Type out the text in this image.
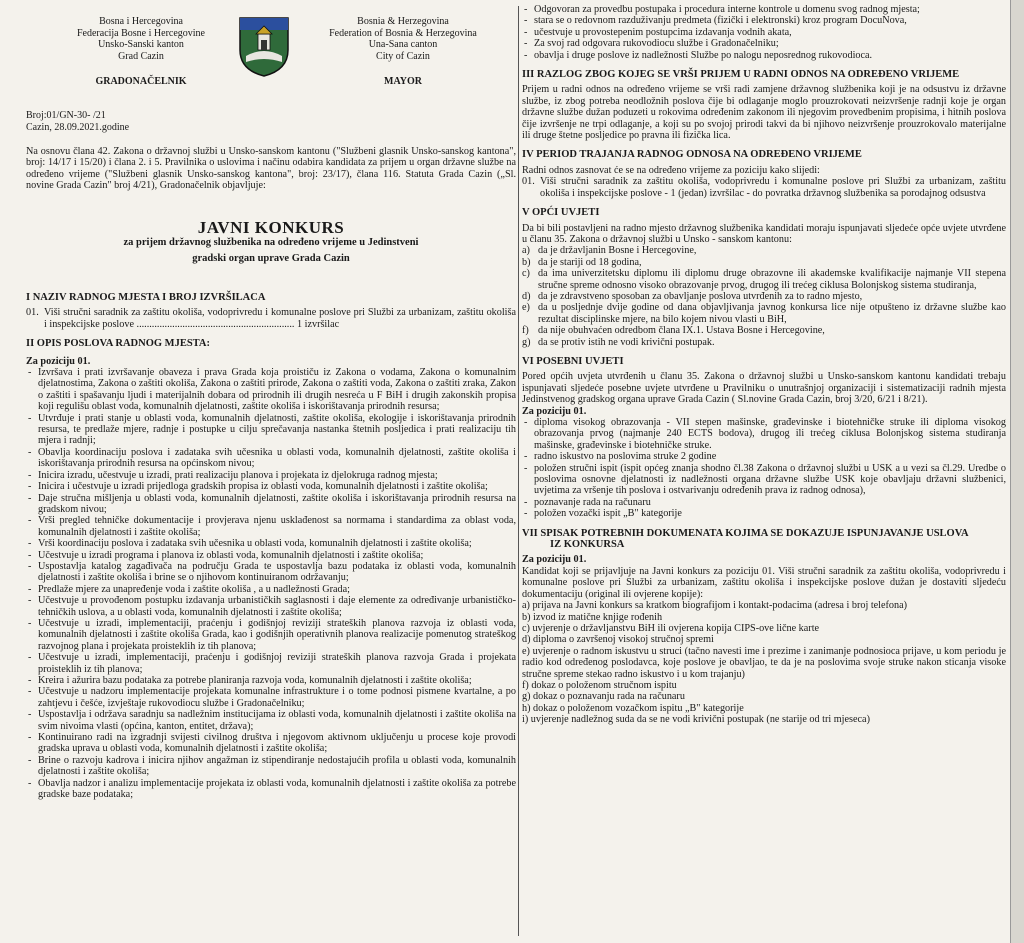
Bosna i Hercegovina
Federacija Bosne i Hercegovine
Unsko-Sanski kanton
Grad Cazin
GRADONAČELNIK
Bosnia & Herzegovina
Federation of Bosnia & Herzegovina
Una-Sana canton
City of Cazin
MAYOR
Broj:01/GN-30- /21
Cazin, 28.09.2021.godine
Na osnovu člana 42. Zakona o državnoj službi u Unsko-sanskom kantonu ("Službeni glasnik Unsko-sanskog kantona", broj: 14/17 i 15/20) i člana 2. i 5. Pravilnika o uslovima i načinu odabira kandidata za prijem u organ državne službe na određeno vrijeme ("Službeni glasnik Unsko-sanskog kantona", broj: 23/17), člana 116. Statuta Grada Cazin („Sl. novine Grada Cazin" broj 4/21), Gradonačelnik objavljuje:
JAVNI KONKURS
za prijem državnog službenika na određeno vrijeme u Jedinstveni
gradski organ uprave Grada Cazin

I NAZIV RADNOG MJESTA I BROJ IZVRŠILACA

01. Viši stručni saradnik za zaštitu okoliša, vodoprivredu i komunalne poslove pri Službi za urbanizam, zaštitu okoliša i inspekcijske poslove .............................................................. 1 izvršilac

II OPIS POSLOVA RADNOG MJESTA:

Za poziciju 01.

- Izvršava i prati izvršavanje obaveza i prava Grada koja proističu iz Zakona o vodama, Zakona o komunalnim djelatnostima, Zakona o zaštiti okoliša, Zakona o zaštiti prirode, Zakona o zaštiti voda, Zakona o zaštiti zraka, Zakon o zaštiti i spašavanju ljudi i materijalnih dobara od prirodnih ili drugih nesreća u F BiH i drugih zakonskih propisa koji regulišu oblast voda, komunalnih djelatnosti, zaštite okoliša i iskorištavanja prirodnih resursa;
- Utvrđuje i prati stanje u oblasti voda, komunalnih djelatnosti, zaštite okoliša, ekologije i iskorištavanja prirodnih resursa, te predlaže mjere, radnje i postupke u cilju sprečavanja nastanka štetnih posljedica i prati realizaciju tih mjera i radnji;
- Obavlja koordinaciju poslova i zadataka svih učesnika u oblasti voda, komunalnih djelatnosti, zaštite okoliša i iskorištavanja prirodnih resursa na općinskom nivou;
- Inicira izradu, učestvuje u izradi, prati realizaciju planova i projekata iz djelokruga radnog mjesta;
- Inicira i učestvuje u izradi prijedloga gradskih propisa iz oblasti voda, komunalnih djelatnosti i zaštite okoliša;
- Daje stručna mišljenja u oblasti voda, komunalnih djelatnosti, zaštite okoliša i iskorištavanja prirodnih resursa na gradskom nivou;
- Vrši pregled tehničke dokumentacije i provjerava njenu usklađenost sa normama i standardima za oblast voda, komunalnih djelatnosti i zaštite okoliša;
- Vrši koordinaciju poslova i zadataka svih učesnika u oblasti voda, komunalnih djelatnosti i zaštite okoliša;
- Učestvuje u izradi programa i planova iz oblasti voda, komunalnih djelatnosti i zaštite okoliša;
- Uspostavlja katalog zagađivača na području Grada te uspostavlja bazu podataka iz oblasti voda, komunalnih djelatnosti i zaštite okoliša i brine se o njihovom kontinuiranom održavanju;
- Predlaže mjere za unapređenje voda i zaštite okoliša , a u nadležnosti Grada;
- Učestvuje u provođenom postupku izdavanja urbanističkih saglasnosti i daje elemente za određivanje urbanističko-tehničkih uslova, a u oblasti voda, komunalnih djelatnosti i zaštite okoliša;
- Učestvuje u izradi, implementaciji, praćenju i godišnjoj reviziji strateških planova razvoja iz oblasti voda, komunalnih djelatnosti i zaštite okoliša Grada, kao i godišnjih operativnih planova realizacije pomenutog strateškog razvojnog plana i projekata proisteklih iz tih planova;
- Učestvuje u izradi, implementaciji, praćenju i godišnjoj reviziji strateških planova razvoja Grada i projekata proisteklih iz tih planova;
- Kreira i ažurira bazu podataka za potrebe planiranja razvoja voda, komunalnih djelatnosti i zaštite okoliša;
- Učestvuje u nadzoru implementacije projekata komunalne infrastrukture i o tome podnosi pismene kvartalne, a po zahtjevu i češće, izvještaje rukovodiocu službe i Gradonačelniku;
- Uspostavlja i održava saradnju sa nadležnim institucijama iz oblasti voda, komunalnih djelatnosti i zaštite okoliša na svim nivoima vlasti (općina, kanton, entitet, država);
- Kontinuirano radi na izgradnji svijesti civilnog društva i njegovom aktivnom uključenju u procese koje provodi gradska uprava u oblasti voda, komunalnih djelatnosti i zaštite okoliša;
- Brine o razvoju kadrova i inicira njihov angažman iz stipendiranje nedostajućih profila u oblasti voda, komunalnih djelatnosti i zaštite okoliša;
- Obavlja nadzor i analizu implementacije projekata iz oblasti voda, komunalnih djelatnosti i zaštite okoliša za potrebe gradske baze podataka;
- Odgovoran za provedbu postupaka i procedura interne kontrole u domenu svog radnog mjesta;
- stara se o redovnom razduživanju predmeta (fizički i elektronski) kroz program DocuNova,
- učestvuje u provostepenim postupcima izdavanja vodnih akata,
- Za svoj rad odgovara rukovodiocu službe i Gradonačelniku;
- obavlja i druge poslove iz nadležnosti Službe po nalogu neposrednog rukovodioca.

III RAZLOG ZBOG KOJEG SE VRŠI PRIJEM U RADNI ODNOS NA ODREĐENO VRIJEME

Prijem u radni odnos na određeno vrijeme se vrši radi zamjene državnog službenika koji je na odsustvu iz državne službe, iz zbog potreba neodložnih poslova čije bi odlaganje moglo prouzrokovati neizvršenje radnji koje je organ državne službe dužan poduzeti u rokovima određenim zakonom ili njegovim provedbenim propisima, i hitnih poslova čije izvršenje ne trpi odlaganje, a koji su po svojoj prirodi takvi da bi njihovo neizvršenje prouzrokovalo materijalne ili druge štetne posljedice po pravna ili fizička lica.

IV PERIOD TRAJANJA RADNOG ODNOSA NA ODREĐENO VRIJEME

Radni odnos zasnovat će se na određeno vrijeme za poziciju kako slijedi:

01. Viši stručni saradnik za zaštitu okoliša, vodoprivredu i komunalne poslove pri Službi za urbanizam, zaštitu okoliša i inspekcijske poslove - 1 (jedan) izvršilac - do povratka državnog službenika sa porodajnog odsustva

V OPĆI UVJETI

Da bi bili postavljeni na radno mjesto državnog službenika kandidati moraju ispunjavati sljedeće opće uvjete utvrđene u članu 35. Zakona o državnoj službi u Unsko - sanskom kantonu:

a) da je državljanin Bosne i Hercegovine,
b) da je stariji od 18 godina,
c) da ima univerzitetsku diplomu ili diplomu druge obrazovne ili akademske kvalifikacije najmanje VII stepena stručne spreme odnosno visoko obrazovanje prvog, drugog ili trećeg ciklusa Bolonjskog sistema studiranja,
d) da je zdravstveno sposoban za obavljanje poslova utvrđenih za to radno mjesto,
e) da u posljednje dvije godine od dana objavljivanja javnog konkursa lice nije otpušteno iz državne službe kao rezultat disciplinske mjere, na bilo kojem nivou vlasti u BiH,
f) da nije obuhvaćen odredbom člana IX.1. Ustava Bosne i Hercegovine,
g) da se protiv istih ne vodi krivični postupak.

VI POSEBNI UVJETI

Pored općih uvjeta utvrđenih u članu 35. Zakona o državnoj službi u Unsko-sanskom kantonu kandidati trebaju ispunjavati sljedeće posebne uvjete utvrđene u Pravilniku o unutrašnjoj organizaciji i sistematizaciji radnih mjesta Jedinstvenog gradskog organa uprave Grada Cazin ( Sl.novine Grada Cazin, broj 3/20, 6/21 i 8/21).

Za poziciju 01.

- diploma visokog obrazovanja - VII stepen mašinske, građevinske i biotehničke struke ili diploma visokog obrazovanja prvog (najmanje 240 ECTS bodova), drugog ili trećeg ciklusa Bolonjskog sistema studiranja mašinske, građevinske i biotehničke struke.
- radno iskustvo na poslovima struke 2 godine
- položen stručni ispit (ispit općeg znanja shodno čl.38 Zakona o državnoj službi u USK a u vezi sa čl.29. Uredbe o poslovima osnovne djelatnosti iz nadležnosti organa državne službe USK koje obavljaju državni službenici, uvjetima za vršenje tih poslova i ostvarivanju određenih prava iz radnog odnosa),
- poznavanje rada na računaru
- položen vozački ispit „B" kategorije

VII SPISAK POTREBNIH DOKUMENATA KOJIMA SE DOKAZUJE ISPUNJAVANJE USLOVA

IZ KONKURSA

Za poziciju 01.

Kandidat koji se prijavljuje na Javni konkurs za poziciju 01. Viši stručni saradnik za zaštitu okoliša, vodoprivredu i komunalne poslove pri Službi za urbanizam, zaštitu okoliša i inspekcijske poslove dužan je dostaviti sljedeću dokumentaciju (original ili ovjerene kopije):

a) prijava na Javni konkurs sa kratkom biografijom i kontakt-podacima (adresa i broj telefona)

b) izvod iz matične knjige rođenih

c) uvjerenje o državljanstvu BiH ili ovjerena kopija CIPS-ove lične karte

d) diploma o završenoj visokoj stručnoj spremi

e) uvjerenje o radnom iskustvu u struci (tačno navesti ime i prezime i zanimanje podnosioca prijave, u kom periodu je radio kod određenog poslodavca, koje poslove je obavljao, te da je na poslovima svoje struke nakon sticanja visoke stručne spreme stekao radno iskustvo i u kom trajanju)

f) dokaz o položenom stručnom ispitu

g) dokaz o poznavanju rada na računaru

h) dokaz o položenom vozačkom ispitu „B" kategorije

i) uvjerenje nadležnog suda da se ne vodi krivični postupak (ne starije od tri mjeseca)
